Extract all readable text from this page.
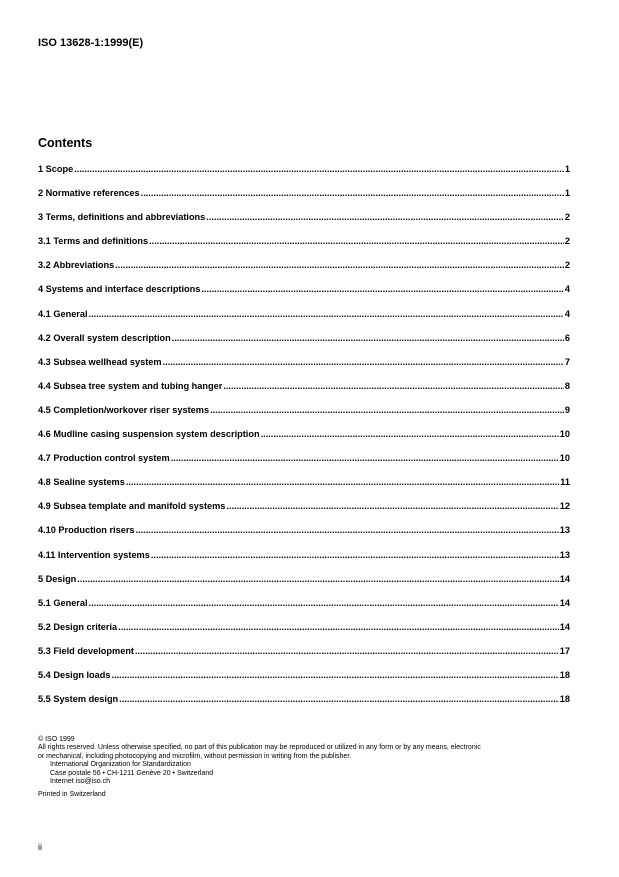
ISO 13628-1:1999(E)
Contents
1 Scope .....	1
2 Normative references .....	1
3 Terms, definitions and abbreviations .....	2
3.1 Terms and definitions .....	2
3.2 Abbreviations .....	2
4 Systems and interface descriptions .....	4
4.1 General .....	4
4.2 Overall system description .....	6
4.3 Subsea wellhead system .....	7
4.4 Subsea tree system and tubing hanger .....	8
4.5 Completion/workover riser systems .....	9
4.6 Mudline casing suspension system description .....	10
4.7 Production control system .....	10
4.8 Sealine systems .....	11
4.9 Subsea template and manifold systems .....	12
4.10 Production risers .....	13
4.11 Intervention systems .....	13
5 Design .....	14
5.1 General .....	14
5.2 Design criteria .....	14
5.3 Field development .....	17
5.4 Design loads .....	18
5.5 System design .....	18
© ISO 1999
All rights reserved. Unless otherwise specified, no part of this publication may be reproduced or utilized in any form or by any means, electronic
or mechanical, including photocopying and microfilm, without permission in writing from the publisher.
International Organization for Standardization
Case postale 56 • CH-1211 Genève 20 • Switzerland
Internet iso@iso.ch
Printed in Switzerland
ii
